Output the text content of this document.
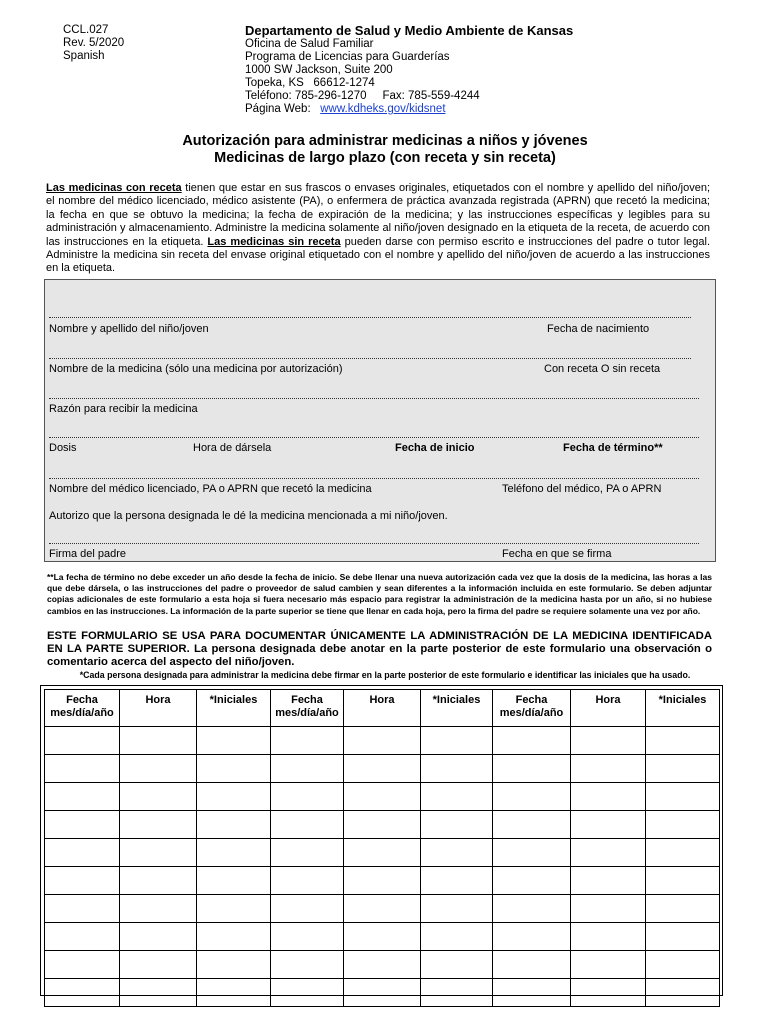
CCL.027
Rev. 5/2020
Spanish
Departamento de Salud y Medio Ambiente de Kansas
Oficina de Salud Familiar
Programa de Licencias para Guarderías
1000 SW Jackson, Suite 200
Topeka, KS   66612-1274
Teléfono: 785-296-1270     Fax: 785-559-4244
Página Web: www.kdheks.gov/kidsnet
Autorización para administrar medicinas a niños y jóvenes
Medicinas de largo plazo (con receta y sin receta)
Las medicinas con receta tienen que estar en sus frascos o envases originales, etiquetados con el nombre y apellido del niño/joven; el nombre del médico licenciado, médico asistente (PA), o enfermera de práctica avanzada registrada (APRN) que recetó la medicina; la fecha en que se obtuvo la medicina; la fecha de expiración de la medicina; y las instrucciones específicas y legibles para su administración y almacenamiento. Administre la medicina solamente al niño/joven designado en la etiqueta de la receta, de acuerdo con las instrucciones en la etiqueta. Las medicinas sin receta pueden darse con permiso escrito e instrucciones del padre o tutor legal. Administre la medicina sin receta del envase original etiquetado con el nombre y apellido del niño/joven de acuerdo a las instrucciones en la etiqueta.
Nombre y apellido del niño/joven	Fecha de nacimiento
Nombre de la medicina (sólo una medicina por autorización)	Con receta O sin receta
Razón para recibir la medicina
Dosis	Hora de dársela	Fecha de inicio	Fecha de término**
Nombre del médico licenciado, PA o APRN que recetó la medicina	Teléfono del médico, PA o APRN
Autorizo que la persona designada le dé la medicina mencionada a mi niño/joven.
Firma del padre	Fecha en que se firma
**La fecha de término no debe exceder un año desde la fecha de inicio. Se debe llenar una nueva autorización cada vez que la dosis de la medicina, las horas a las que debe dársela, o las instrucciones del padre o proveedor de salud cambien y sean diferentes a la información incluida en este formulario. Se deben adjuntar copias adicionales de este formulario a esta hoja si fuera necesario más espacio para registrar la administración de la medicina hasta por un año, si no hubiese cambios en las instrucciones. La información de la parte superior se tiene que llenar en cada hoja, pero la firma del padre se requiere solamente una vez por año.
ESTE FORMULARIO SE USA PARA DOCUMENTAR ÚNICAMENTE LA ADMINISTRACIÓN DE LA MEDICINA IDENTIFICADA EN LA PARTE SUPERIOR. La persona designada debe anotar en la parte posterior de este formulario una observación o comentario acerca del aspecto del niño/joven.
*Cada persona designada para administrar la medicina debe firmar en la parte posterior de este formulario e identificar las iniciales que ha usado.
Fecha
mes/día/año	Hora	*Iniciales	Fecha
mes/día/año	Hora	*Iniciales	Fecha
mes/día/año	Hora	*Iniciales
